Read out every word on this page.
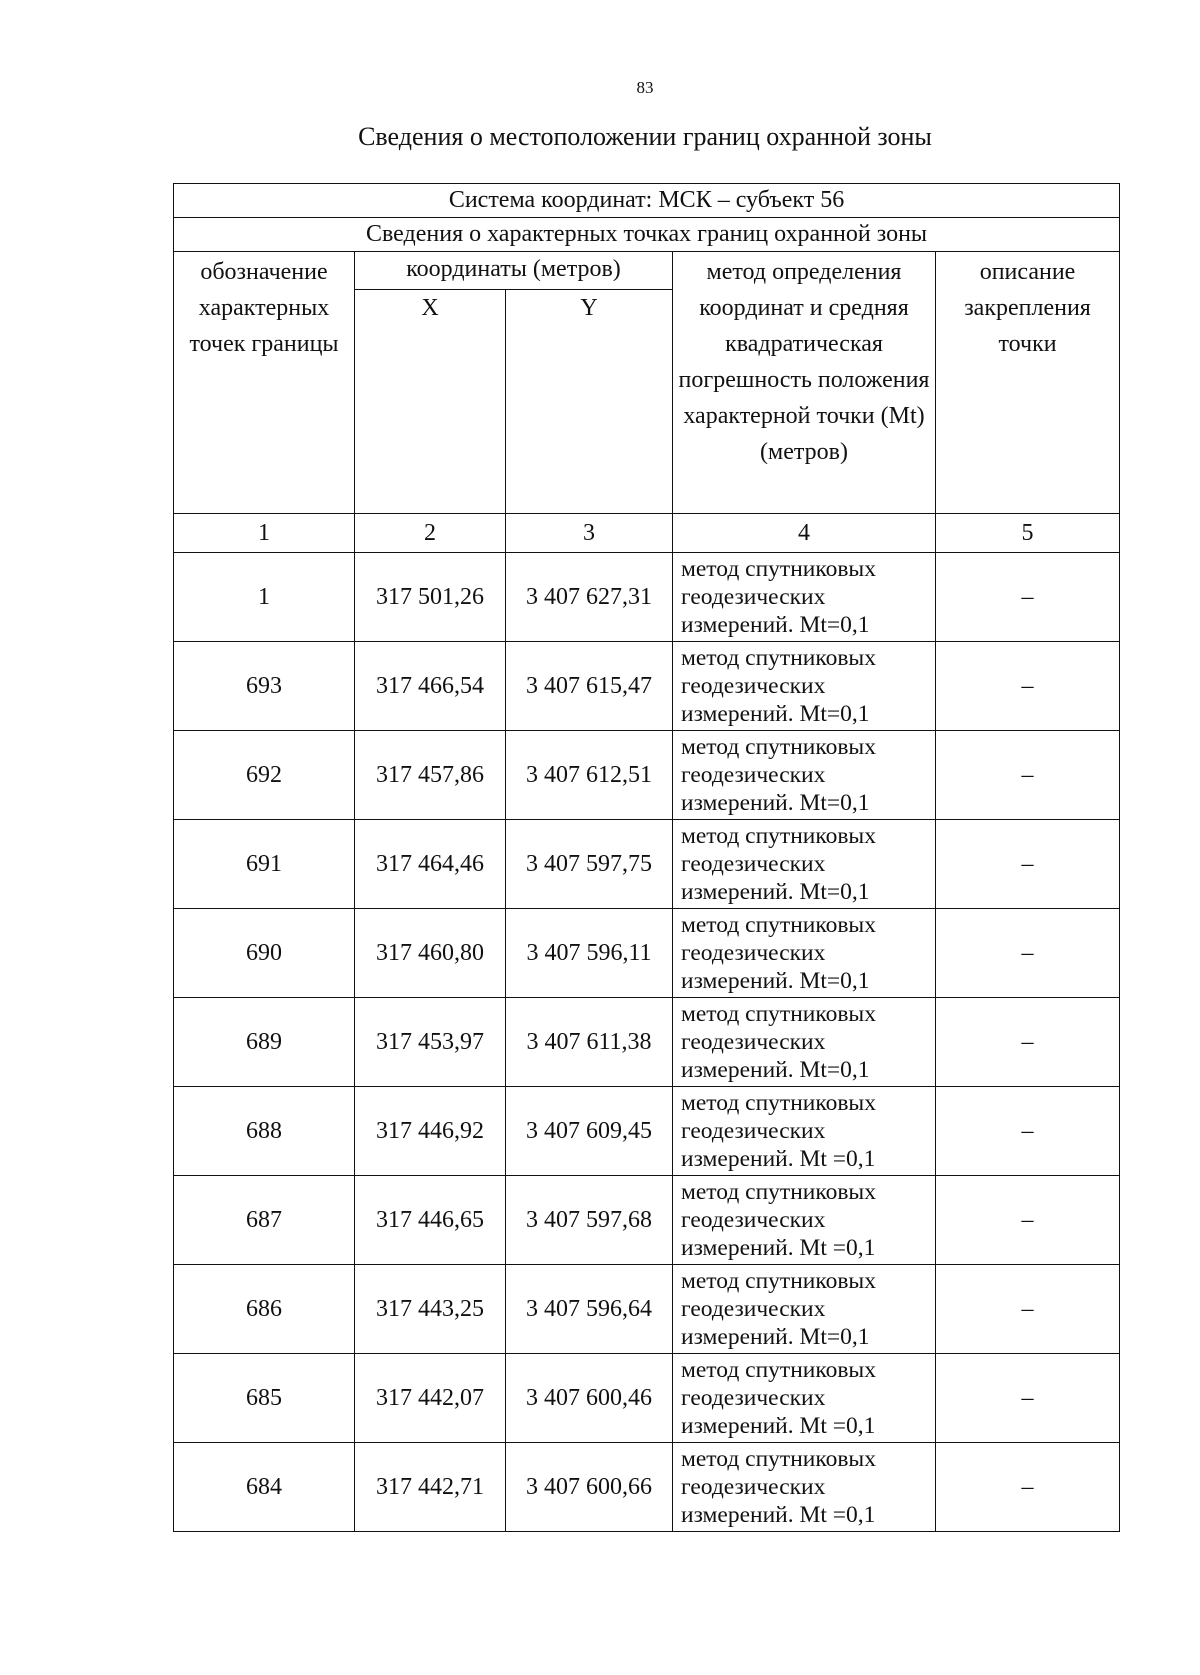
83
Сведения о местоположении границ охранной зоны
Система координат: МСК – субъект 56				
Сведения о характерных точках границ охранной зоны				
обозначение характерных точек границы	координаты (метров)		метод определения координат и средняя квадратическая погрешность положения характерной точки (Mt) (метров)	описание закрепления точки
	X	Y		
1	2	3	4	5
1	317 501,26	3 407 627,31	метод спутниковых геодезических измерений. Mt=0,1	–
693	317 466,54	3 407 615,47	метод спутниковых геодезических измерений. Mt=0,1	–
692	317 457,86	3 407 612,51	метод спутниковых геодезических измерений. Mt=0,1	–
691	317 464,46	3 407 597,75	метод спутниковых геодезических измерений. Mt=0,1	–
690	317 460,80	3 407 596,11	метод спутниковых геодезических измерений. Mt=0,1	–
689	317 453,97	3 407 611,38	метод спутниковых геодезических измерений. Mt=0,1	–
688	317 446,92	3 407 609,45	метод спутниковых геодезических измерений. Mt =0,1	–
687	317 446,65	3 407 597,68	метод спутниковых геодезических измерений. Mt =0,1	–
686	317 443,25	3 407 596,64	метод спутниковых геодезических измерений. Mt=0,1	–
685	317 442,07	3 407 600,46	метод спутниковых геодезических измерений. Mt =0,1	–
684	317 442,71	3 407 600,66	метод спутниковых геодезических измерений. Mt =0,1	–
